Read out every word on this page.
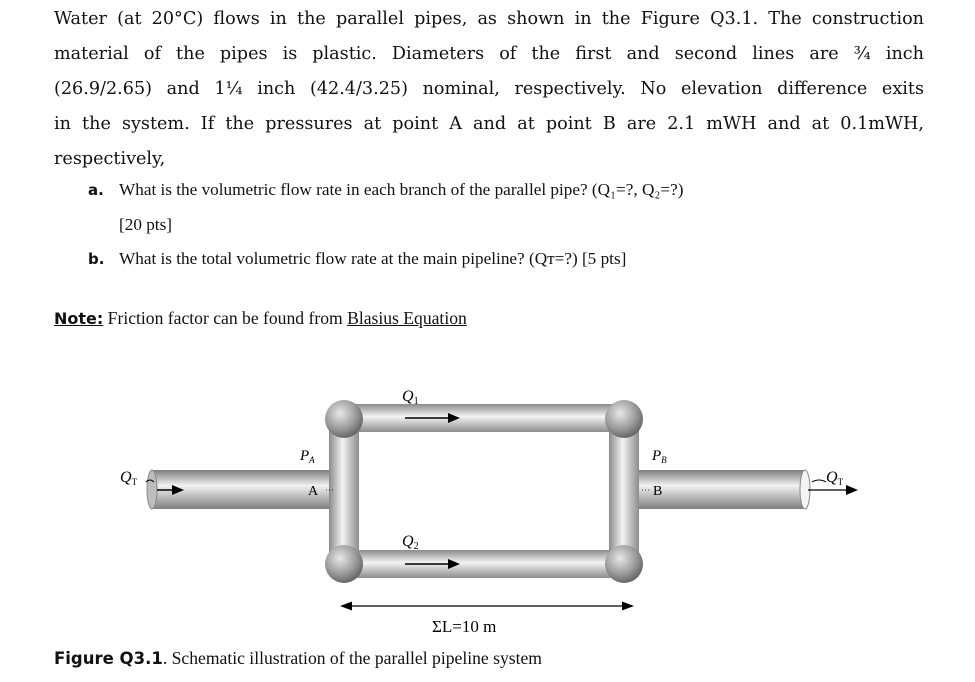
Water (at 20°C) flows in the parallel pipes, as shown in the Figure Q3.1. The construction
material of the pipes is plastic. Diameters of the first and second lines are ¾ inch
(26.9/2.65) and 1¼ inch (42.4/3.25) nominal, respectively. No elevation difference exits
in the system. If the pressures at point A and at point B are 2.1 mWH and at 0.1mWH,
respectively,
a. What is the volumetric flow rate in each branch of the parallel pipe? (Q₁=?, Q₂=?)
[20 pts]
b. What is the total volumetric flow rate at the main pipeline? (Qᴛ=?) [5 pts]
Note: Friction factor can be found from Blasius Equation
Q1
Q2
QT	QT
$P_A$	$P_B$
A	B
ΣL=10 m
Figure Q3.1. Schematic illustration of the parallel pipeline system
